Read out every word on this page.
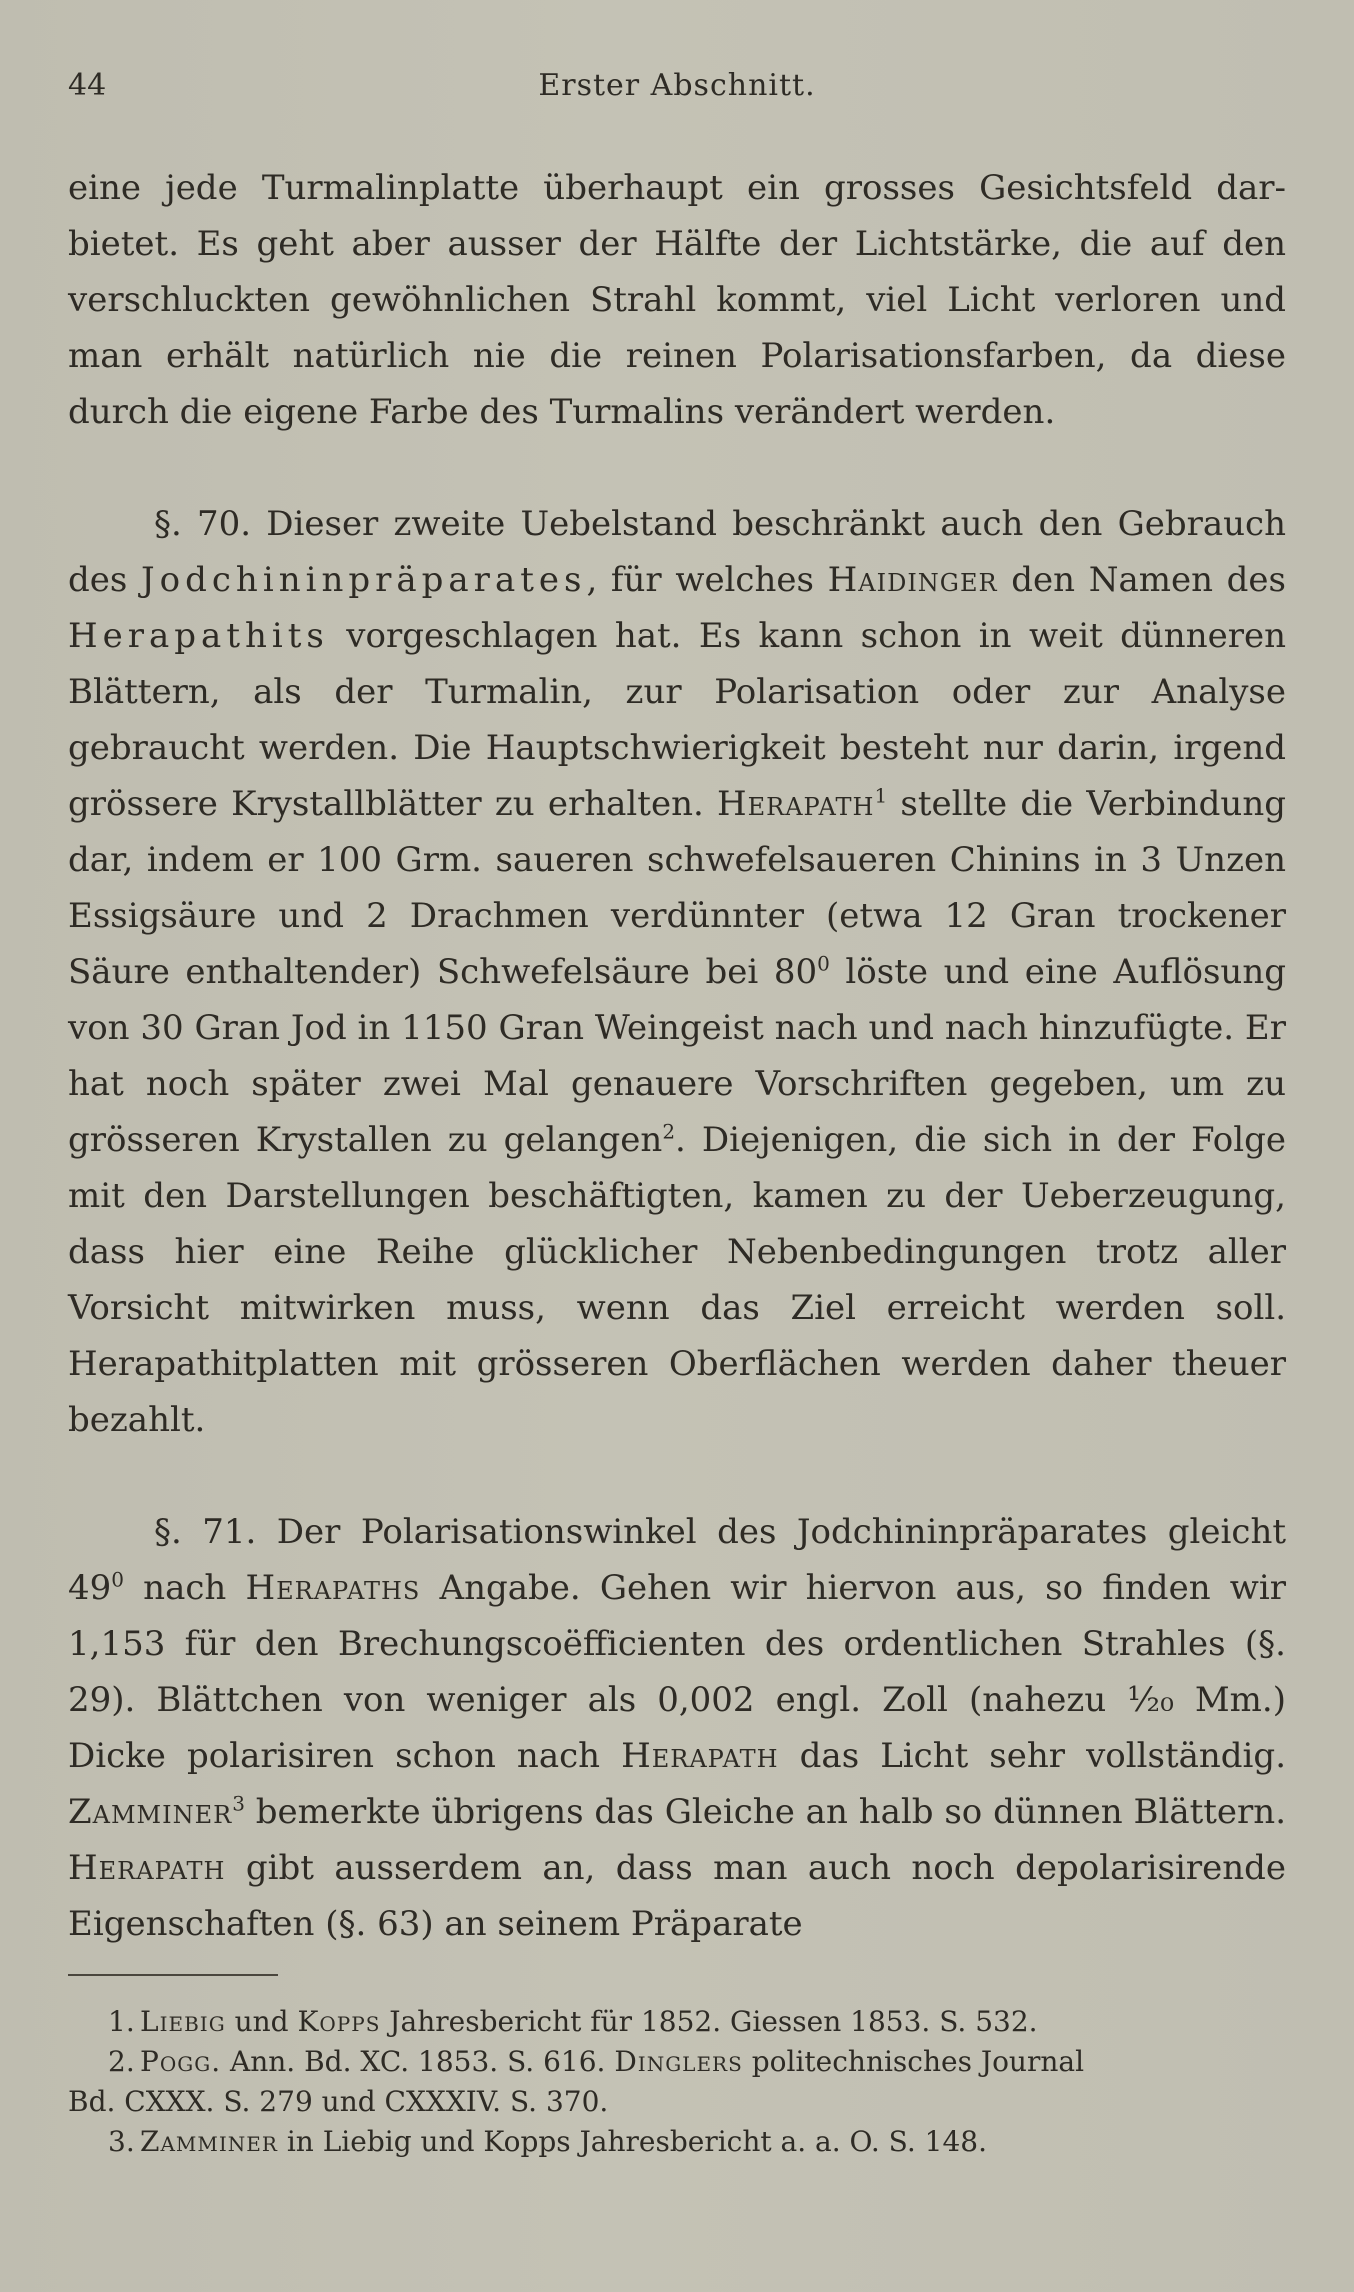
44	Erster Abschnitt.

eine jede Turmalinplatte überhaupt ein grosses Gesichtsfeld darbietet. Es geht aber ausser der Hälfte der Lichtstärke, die auf den verschluckten gewöhnlichen Strahl kommt, viel Licht verloren und man erhält natürlich nie die reinen Polarisationsfarben, da diese durch die eigene Farbe des Turmalins verändert werden.

§. 70. Dieser zweite Uebelstand beschränkt auch den Gebrauch des Jodchininpräparates, für welches Haidinger den Namen des Herapathits vorgeschlagen hat. Es kann schon in weit dünneren Blättern, als der Turmalin, zur Polarisation oder zur Analyse gebraucht werden. Die Hauptschwierigkeit besteht nur darin, irgend grössere Krystallblätter zu erhalten. Herapath$^1$ stellte die Verbindung dar, indem er 100 Grm. saueren schwefelsaueren Chinins in 3 Unzen Essigsäure und 2 Drachmen verdünnter (etwa 12 Gran trockener Säure enthaltender) Schwefelsäure bei $80^0$ löste und eine Auflösung von 30 Gran Jod in 1150 Gran Weingeist nach und nach hinzufügte. Er hat noch später zwei Mal genauere Vorschriften gegeben, um zu grösseren Krystallen zu gelangen$^2$. Diejenigen, die sich in der Folge mit den Darstellungen beschäftigten, kamen zu der Ueberzeugung, dass hier eine Reihe glücklicher Nebenbedingungen trotz aller Vorsicht mitwirken muss, wenn das Ziel erreicht werden soll. Herapathitplatten mit grösseren Oberflächen werden daher theuer bezahlt.

§. 71. Der Polarisationswinkel des Jodchininpräparates gleicht $49^0$ nach Herapaths Angabe. Gehen wir hiervon aus, so finden wir 1,153 für den Brechungscoëfficienten des ordentlichen Strahles (§. 29). Blättchen von weniger als 0,002 engl. Zoll (nahezu ¹⁄₂₀ Mm.) Dicke polarisiren schon nach Herapath das Licht sehr vollständig. Zamminer$^3$ bemerkte übrigens das Gleiche an halb so dünnen Blättern. Herapath gibt ausserdem an, dass man auch noch depolarisirende Eigenschaften (§. 63) an seinem Präparate

1. Liebig und Kopps Jahresbericht für 1852. Giessen 1853. S. 532.

2. Pogg. Ann. Bd. XC. 1853. S. 616. Dinglers politechnisches Journal

Bd. CXXX. S. 279 und CXXXIV. S. 370.

3. Zamminer in Liebig und Kopps Jahresbericht a. a. O. S. 148.
